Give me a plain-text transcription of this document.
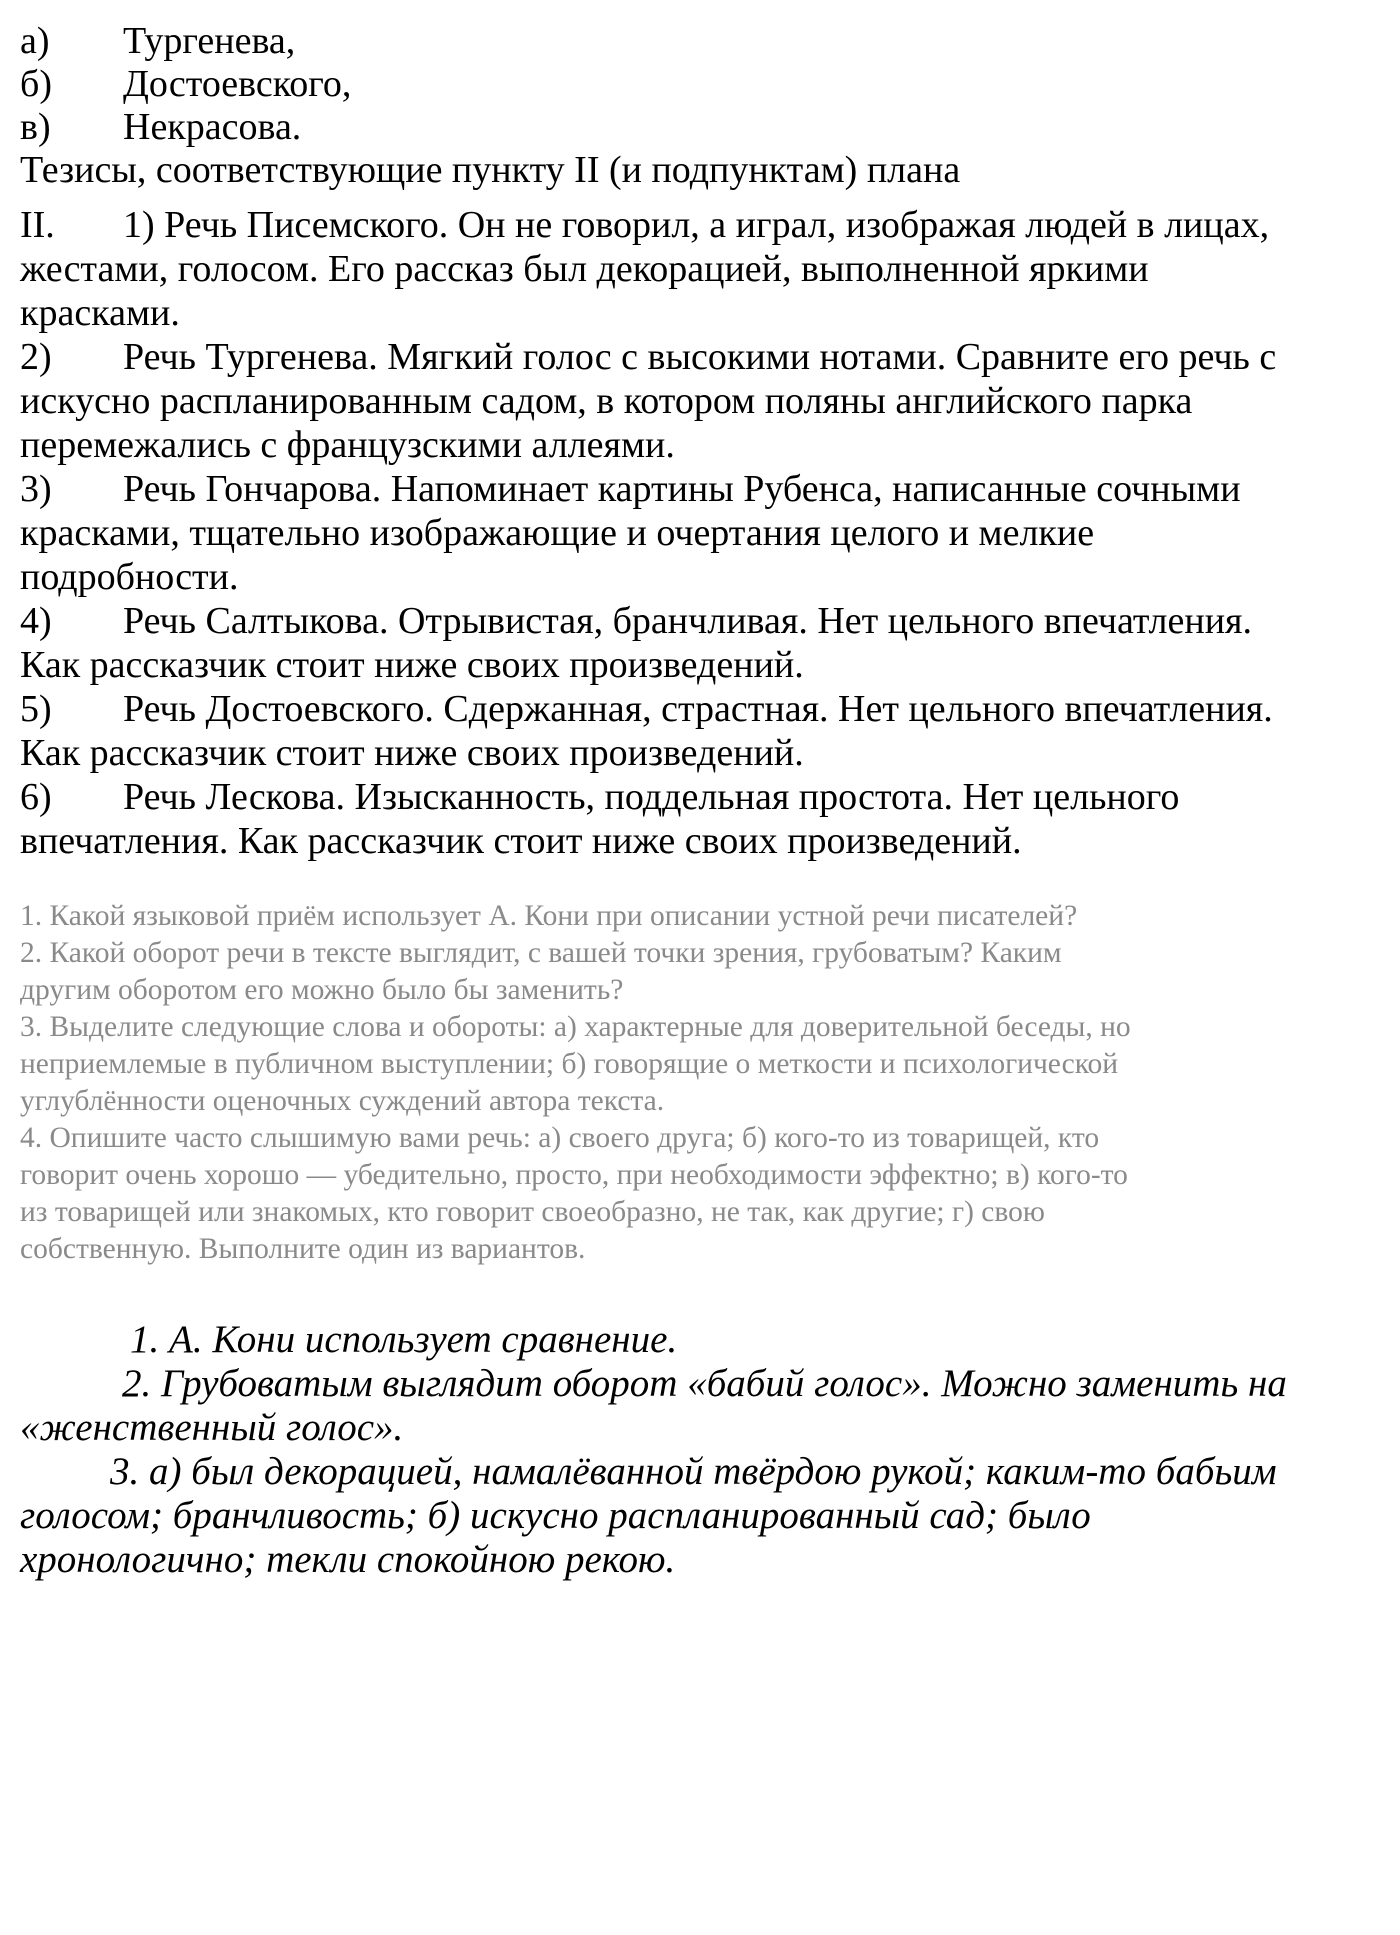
а) Тургенева,
б) Достоевского,
в) Некрасова.
Тезисы, соответствующие пункту II (и подпунктам) плана
II. 1) Речь Писемского. Он не говорил, а играл, изображая людей в лицах,
жестами, голосом. Его рассказ был декорацией, выполненной яркими
красками.
2) Речь Тургенева. Мягкий голос с высокими нотами. Сравните его речь с
искусно распланированным садом, в котором поляны английского парка
перемежались с французскими аллеями.
3) Речь Гончарова. Напоминает картины Рубенса, написанные сочными
красками, тщательно изображающие и очертания целого и мелкие
подробности.
4) Речь Салтыкова. Отрывистая, бранчливая. Нет цельного впечатления.
Как рассказчик стоит ниже своих произведений.
5) Речь Достоевского. Сдержанная, страстная. Нет цельного впечатления.
Как рассказчик стоит ниже своих произведений.
6) Речь Лескова. Изысканность, поддельная простота. Нет цельного
впечатления. Как рассказчик стоит ниже своих произведений.
1. Какой языковой приём использует А. Кони при описании устной речи писателей?
2. Какой оборот речи в тексте выглядит, с вашей точки зрения, грубоватым? Каким
другим оборотом его можно было бы заменить?
3. Выделите следующие слова и обороты: а) характерные для доверительной беседы, но
неприемлемые в публичном выступлении; б) говорящие о меткости и психологической
углублённости оценочных суждений автора текста.
4. Опишите часто слышимую вами речь: а) своего друга; б) кого-то из товарищей, кто
говорит очень хорошо — убедительно, просто, при необходимости эффектно; в) кого-то
из товарищей или знакомых, кто говорит своеобразно, не так, как другие; г) свою
собственную. Выполните один из вариантов.
1. А. Кони использует сравнение.
2. Грубоватым выглядит оборот «бабий голос». Можно заменить на
«женственный голос».
3. а) был декорацией, намалёванной твёрдою рукой; каким-то бабьим
голосом; бранчливость; б) искусно распланированный сад; было
хронологично; текли спокойною рекою.
